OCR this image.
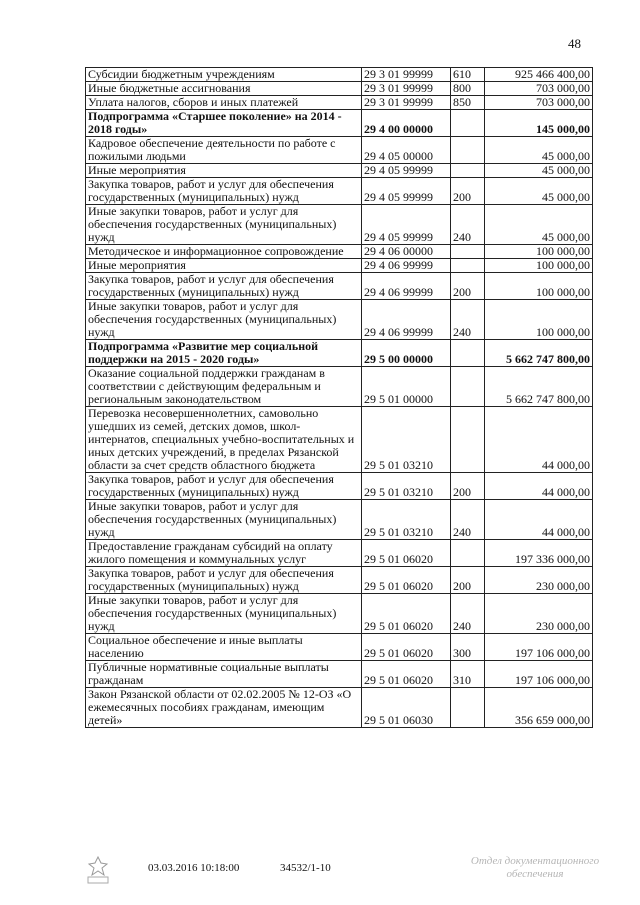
48
Субсидии бюджетным учреждениям	29 3 01 99999	610	925 466 400,00
Иные бюджетные ассигнования	29 3 01 99999	800	703 000,00
Уплата налогов, сборов и иных платежей	29 3 01 99999	850	703 000,00
Подпрограмма «Старшее поколение» на 2014 - 2018 годы»	29 4 00 00000		145 000,00
Кадровое обеспечение деятельности по работе с пожилыми людьми	29 4 05 00000		45 000,00
Иные мероприятия	29 4 05 99999		45 000,00
Закупка товаров, работ и услуг для обеспечения государственных (муниципальных) нужд	29 4 05 99999	200	45 000,00
Иные закупки товаров, работ и услуг для обеспечения государственных (муниципальных) нужд	29 4 05 99999	240	45 000,00
Методическое и информационное сопровождение	29 4 06 00000		100 000,00
Иные мероприятия	29 4 06 99999		100 000,00
Закупка товаров, работ и услуг для обеспечения государственных (муниципальных) нужд	29 4 06 99999	200	100 000,00
Иные закупки товаров, работ и услуг для обеспечения государственных (муниципальных) нужд	29 4 06 99999	240	100 000,00
Подпрограмма «Развитие мер социальной поддержки на 2015 - 2020 годы»	29 5 00 00000		5 662 747 800,00
Оказание социальной поддержки гражданам в соответствии с действующим федеральным и региональным законодательством	29 5 01 00000		5 662 747 800,00
Перевозка несовершеннолетних, самовольно ушедших из семей, детских домов, школ-интернатов, специальных учебно-воспитательных и иных детских учреждений, в пределах Рязанской области за счет средств областного бюджета	29 5 01 03210		44 000,00
Закупка товаров, работ и услуг для обеспечения государственных (муниципальных) нужд	29 5 01 03210	200	44 000,00
Иные закупки товаров, работ и услуг для обеспечения государственных (муниципальных) нужд	29 5 01 03210	240	44 000,00
Предоставление гражданам субсидий на оплату жилого помещения и коммунальных услуг	29 5 01 06020		197 336 000,00
Закупка товаров, работ и услуг для обеспечения государственных (муниципальных) нужд	29 5 01 06020	200	230 000,00
Иные закупки товаров, работ и услуг для обеспечения государственных (муниципальных) нужд	29 5 01 06020	240	230 000,00
Социальное обеспечение и иные выплаты населению	29 5 01 06020	300	197 106 000,00
Публичные нормативные социальные выплаты гражданам	29 5 01 06020	310	197 106 000,00
Закон Рязанской области от 02.02.2005 № 12-ОЗ «О ежемесячных пособиях гражданам, имеющим детей»	29 5 01 06030		356 659 000,00
03.03.2016 10:18:00	34532/1-10
Отдел документационного
обеспечения
